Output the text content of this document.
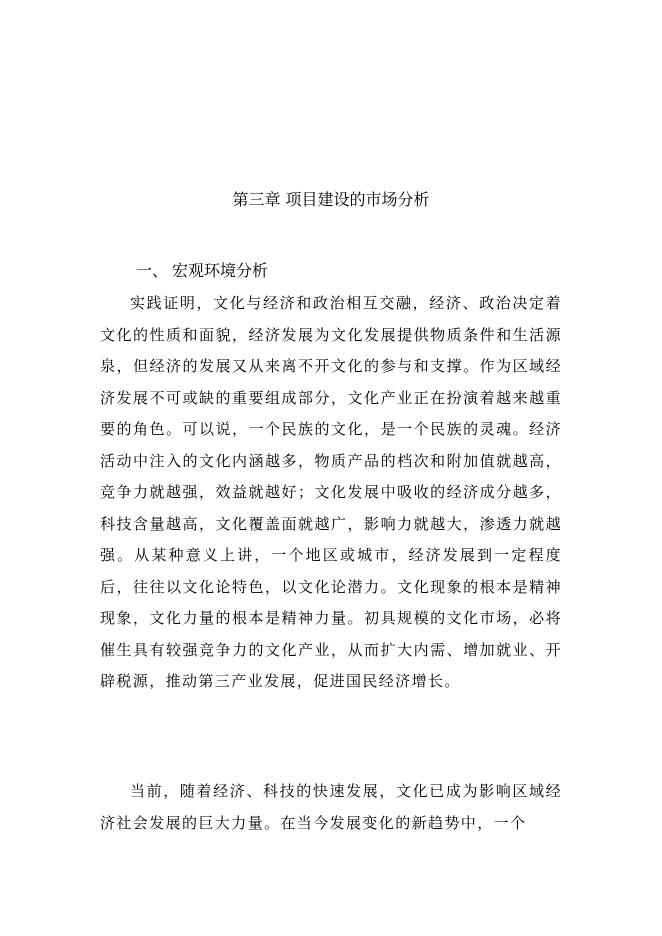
第三章 项目建设的市场分析
一、 宏观环境分析

实践证明，文化与经济和政治相互交融，经济、政治决定着文化的性质和面貌，经济发展为文化发展提供物质条件和生活源泉，但经济的发展又从来离不开文化的参与和支撑。作为区域经济发展不可或缺的重要组成部分，文化产业正在扮演着越来越重要的角色。可以说，一个民族的文化，是一个民族的灵魂。经济活动中注入的文化内涵越多，物质产品的档次和附加值就越高，竞争力就越强，效益就越好；文化发展中吸收的经济成分越多，科技含量越高，文化覆盖面就越广，影响力就越大，渗透力就越强。从某种意义上讲，一个地区或城市，经济发展到一定程度后，往往以文化论特色，以文化论潜力。文化现象的根本是精神现象，文化力量的根本是精神力量。初具规模的文化市场，必将催生具有较强竞争力的文化产业，从而扩大内需、增加就业、开辟税源，推动第三产业发展，促进国民经济增长。

当前，随着经济、科技的快速发展，文化已成为影响区域经济社会发展的巨大力量。在当今发展变化的新趋势中，一个
